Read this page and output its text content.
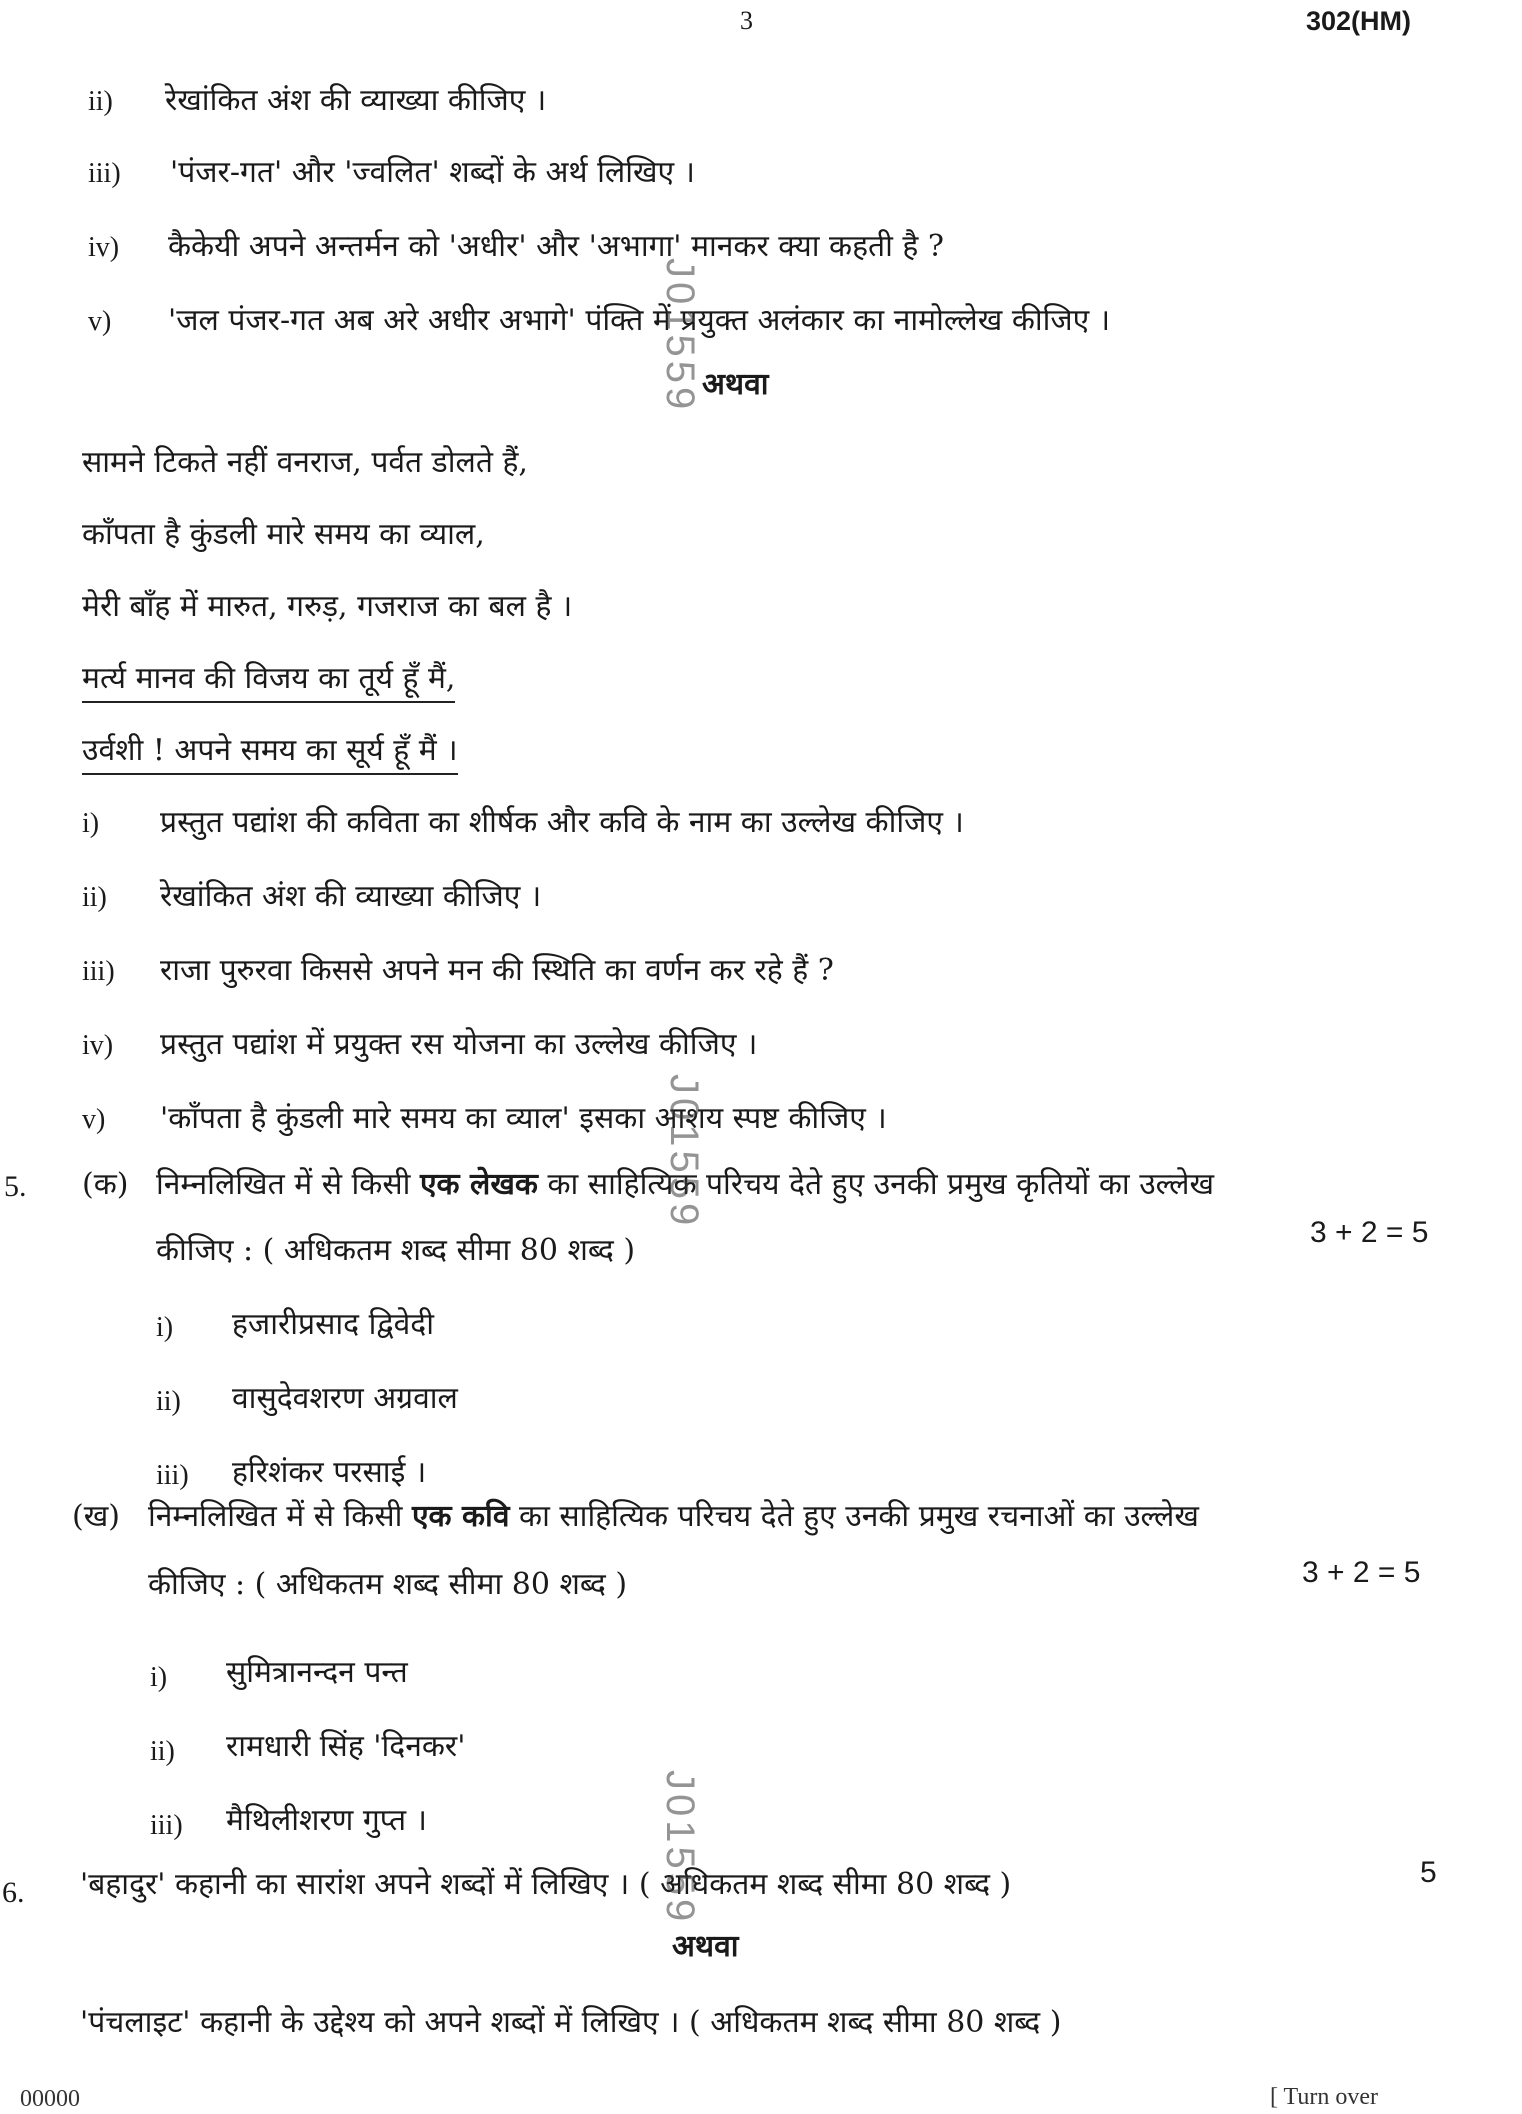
3	302(HM)
ii) रेखांकित अंश की व्याख्या कीजिए ।
iii) 'पंजर-गत' और 'ज्वलित' शब्दों के अर्थ लिखिए ।
iv) कैकेयी अपने अन्तर्मन को 'अधीर' और 'अभागा' मानकर क्या कहती है ?
v) 'जल पंजर-गत अब अरे अधीर अभागे' पंक्ति में प्रयुक्त अलंकार का नामोल्लेख कीजिए ।
अथवा
सामने टिकते नहीं वनराज, पर्वत डोलते हैं,
काँपता है कुंडली मारे समय का व्याल,
मेरी बाँह में मारुत, गरुड़, गजराज का बल है ।
मर्त्य मानव की विजय का तूर्य हूँ मैं,
उर्वशी ! अपने समय का सूर्य हूँ मैं ।
i) प्रस्तुत पद्यांश की कविता का शीर्षक और कवि के नाम का उल्लेख कीजिए ।
ii) रेखांकित अंश की व्याख्या कीजिए ।
iii) राजा पुरुरवा किससे अपने मन की स्थिति का वर्णन कर रहे हैं ?
iv) प्रस्तुत पद्यांश में प्रयुक्त रस योजना का उल्लेख कीजिए ।
v) 'काँपता है कुंडली मारे समय का व्याल' इसका आशय स्पष्ट कीजिए ।
5. (क) निम्नलिखित में से किसी एक लेखक का साहित्यिक परिचय देते हुए उनकी प्रमुख कृतियों का उल्लेख
कीजिए : ( अधिकतम शब्द सीमा 80 शब्द )
3 + 2 = 5
i) हजारीप्रसाद द्विवेदी
ii) वासुदेवशरण अग्रवाल
iii) हरिशंकर परसाई ।
(ख) निम्नलिखित में से किसी एक कवि का साहित्यिक परिचय देते हुए उनकी प्रमुख रचनाओं का उल्लेख
कीजिए : ( अधिकतम शब्द सीमा 80 शब्द )	3 + 2 = 5
i) सुमित्रानन्दन पन्त
ii) रामधारी सिंह 'दिनकर'
iii) मैथिलीशरण गुप्त ।
6. 'बहादुर' कहानी का सारांश अपने शब्दों में लिखिए । ( अधिकतम शब्द सीमा 80 शब्द )	5
अथवा
'पंचलाइट' कहानी के उद्देश्य को अपने शब्दों में लिखिए । ( अधिकतम शब्द सीमा 80 शब्द )
J01559
J01559
J01559
00000	[ Turn over
